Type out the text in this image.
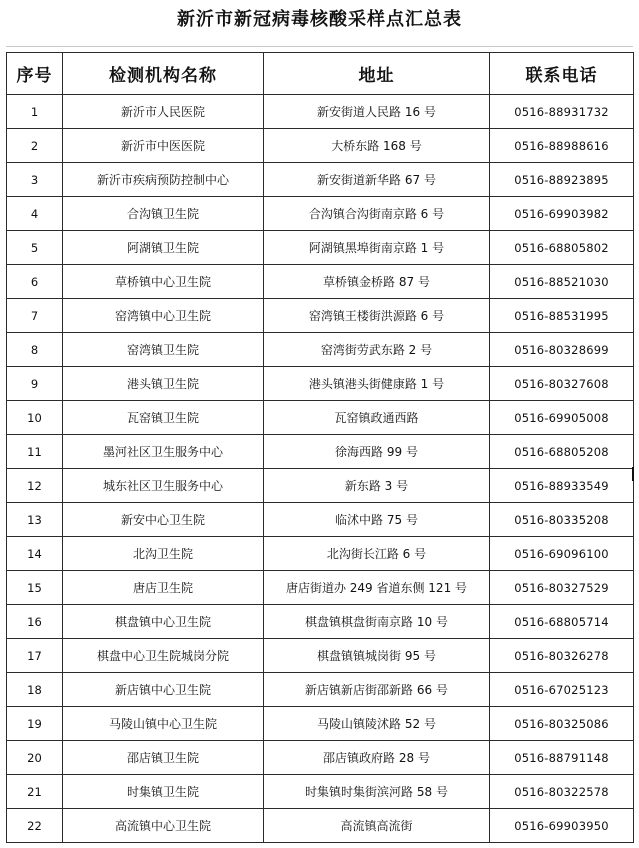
新沂市新冠病毒核酸采样点汇总表
序号	检测机构名称	地址	联系电话
1	新沂市人民医院	新安街道人民路 16 号	0516-88931732
2	新沂市中医医院	大桥东路 168 号	0516-88988616
3	新沂市疾病预防控制中心	新安街道新华路 67 号	0516-88923895
4	合沟镇卫生院	合沟镇合沟街南京路 6 号	0516-69903982
5	阿湖镇卫生院	阿湖镇黑埠街南京路 1 号	0516-68805802
6	草桥镇中心卫生院	草桥镇金桥路 87 号	0516-88521030
7	窑湾镇中心卫生院	窑湾镇王楼街洪源路 6 号	0516-88531995
8	窑湾镇卫生院	窑湾街劳武东路 2 号	0516-80328699
9	港头镇卫生院	港头镇港头街健康路 1 号	0516-80327608
10	瓦窑镇卫生院	瓦窑镇政通西路	0516-69905008
11	墨河社区卫生服务中心	徐海西路 99 号	0516-68805208
12	城东社区卫生服务中心	新东路 3 号	0516-88933549
13	新安中心卫生院	临沭中路 75 号	0516-80335208
14	北沟卫生院	北沟街长江路 6 号	0516-69096100
15	唐店卫生院	唐店街道办 249 省道东侧 121 号	0516-80327529
16	棋盘镇中心卫生院	棋盘镇棋盘街南京路 10 号	0516-68805714
17	棋盘中心卫生院城岗分院	棋盘镇镇城岗街 95 号	0516-80326278
18	新店镇中心卫生院	新店镇新店街邵新路 66 号	0516-67025123
19	马陵山镇中心卫生院	马陵山镇陵沭路 52 号	0516-80325086
20	邵店镇卫生院	邵店镇政府路 28 号	0516-88791148
21	时集镇卫生院	时集镇时集街滨河路 58 号	0516-80322578
22	高流镇中心卫生院	高流镇高流街	0516-69903950
